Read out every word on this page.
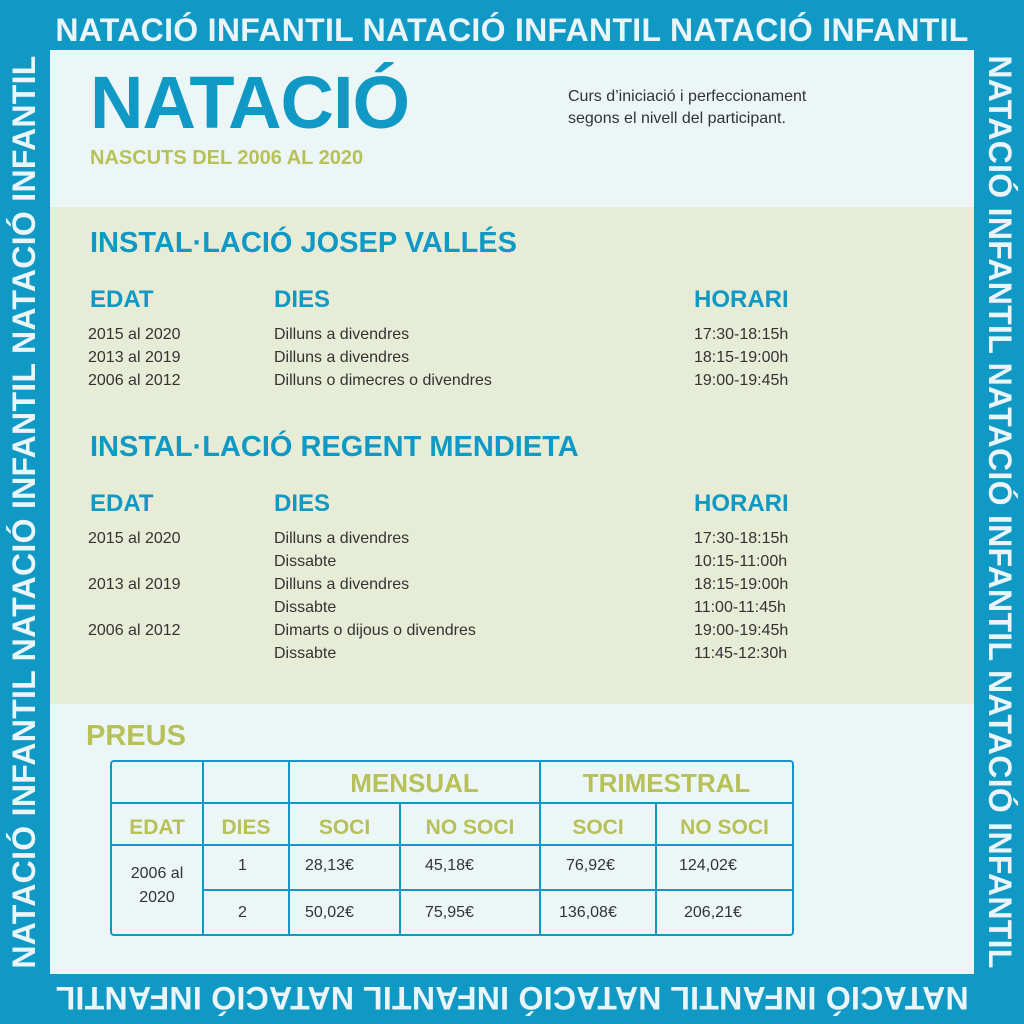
NATACIÓ INFANTIL NATACIÓ INFANTIL NATACIÓ INFANTIL
NATACIÓ INFANTIL NATACIÓ INFANTIL NATACIÓ INFANTIL
NATACIÓ INFANTIL NATACIÓ INFANTIL NATACIÓ INFANTIL	NATACIÓ INFANTIL NATACIÓ INFANTIL NATACIÓ INFANTIL
NATACIÓ
NASCUTS DEL 2006 AL 2020
Curs d’iniciació i perfeccionament
segons el nivell del participant.
INSTAL·LACIÓ JOSEP VALLÉS
EDAT	DIES	HORARI
2015 al 2020	Dilluns a divendres	17:30-18:15h
2013 al 2019	Dilluns a divendres	18:15-19:00h
2006 al 2012	Dilluns o dimecres o divendres	19:00-19:45h
INSTAL·LACIÓ REGENT MENDIETA
EDAT	DIES	HORARI
2015 al 2020	Dilluns a divendres	17:30-18:15h
Dissabte	10:15-11:00h
2013 al 2019	Dilluns a divendres	18:15-19:00h
Dissabte	11:00-11:45h
2006 al 2012	Dimarts o dijous o divendres	19:00-19:45h
Dissabte	11:45-12:30h
PREUS
MENSUAL	TRIMESTRAL
EDAT	DIES	SOCI	NO SOCI	SOCI	NO SOCI
2006 al
2020
1	28,13€	45,18€	76,92€	124,02€
2	50,02€	75,95€	136,08€	206,21€
